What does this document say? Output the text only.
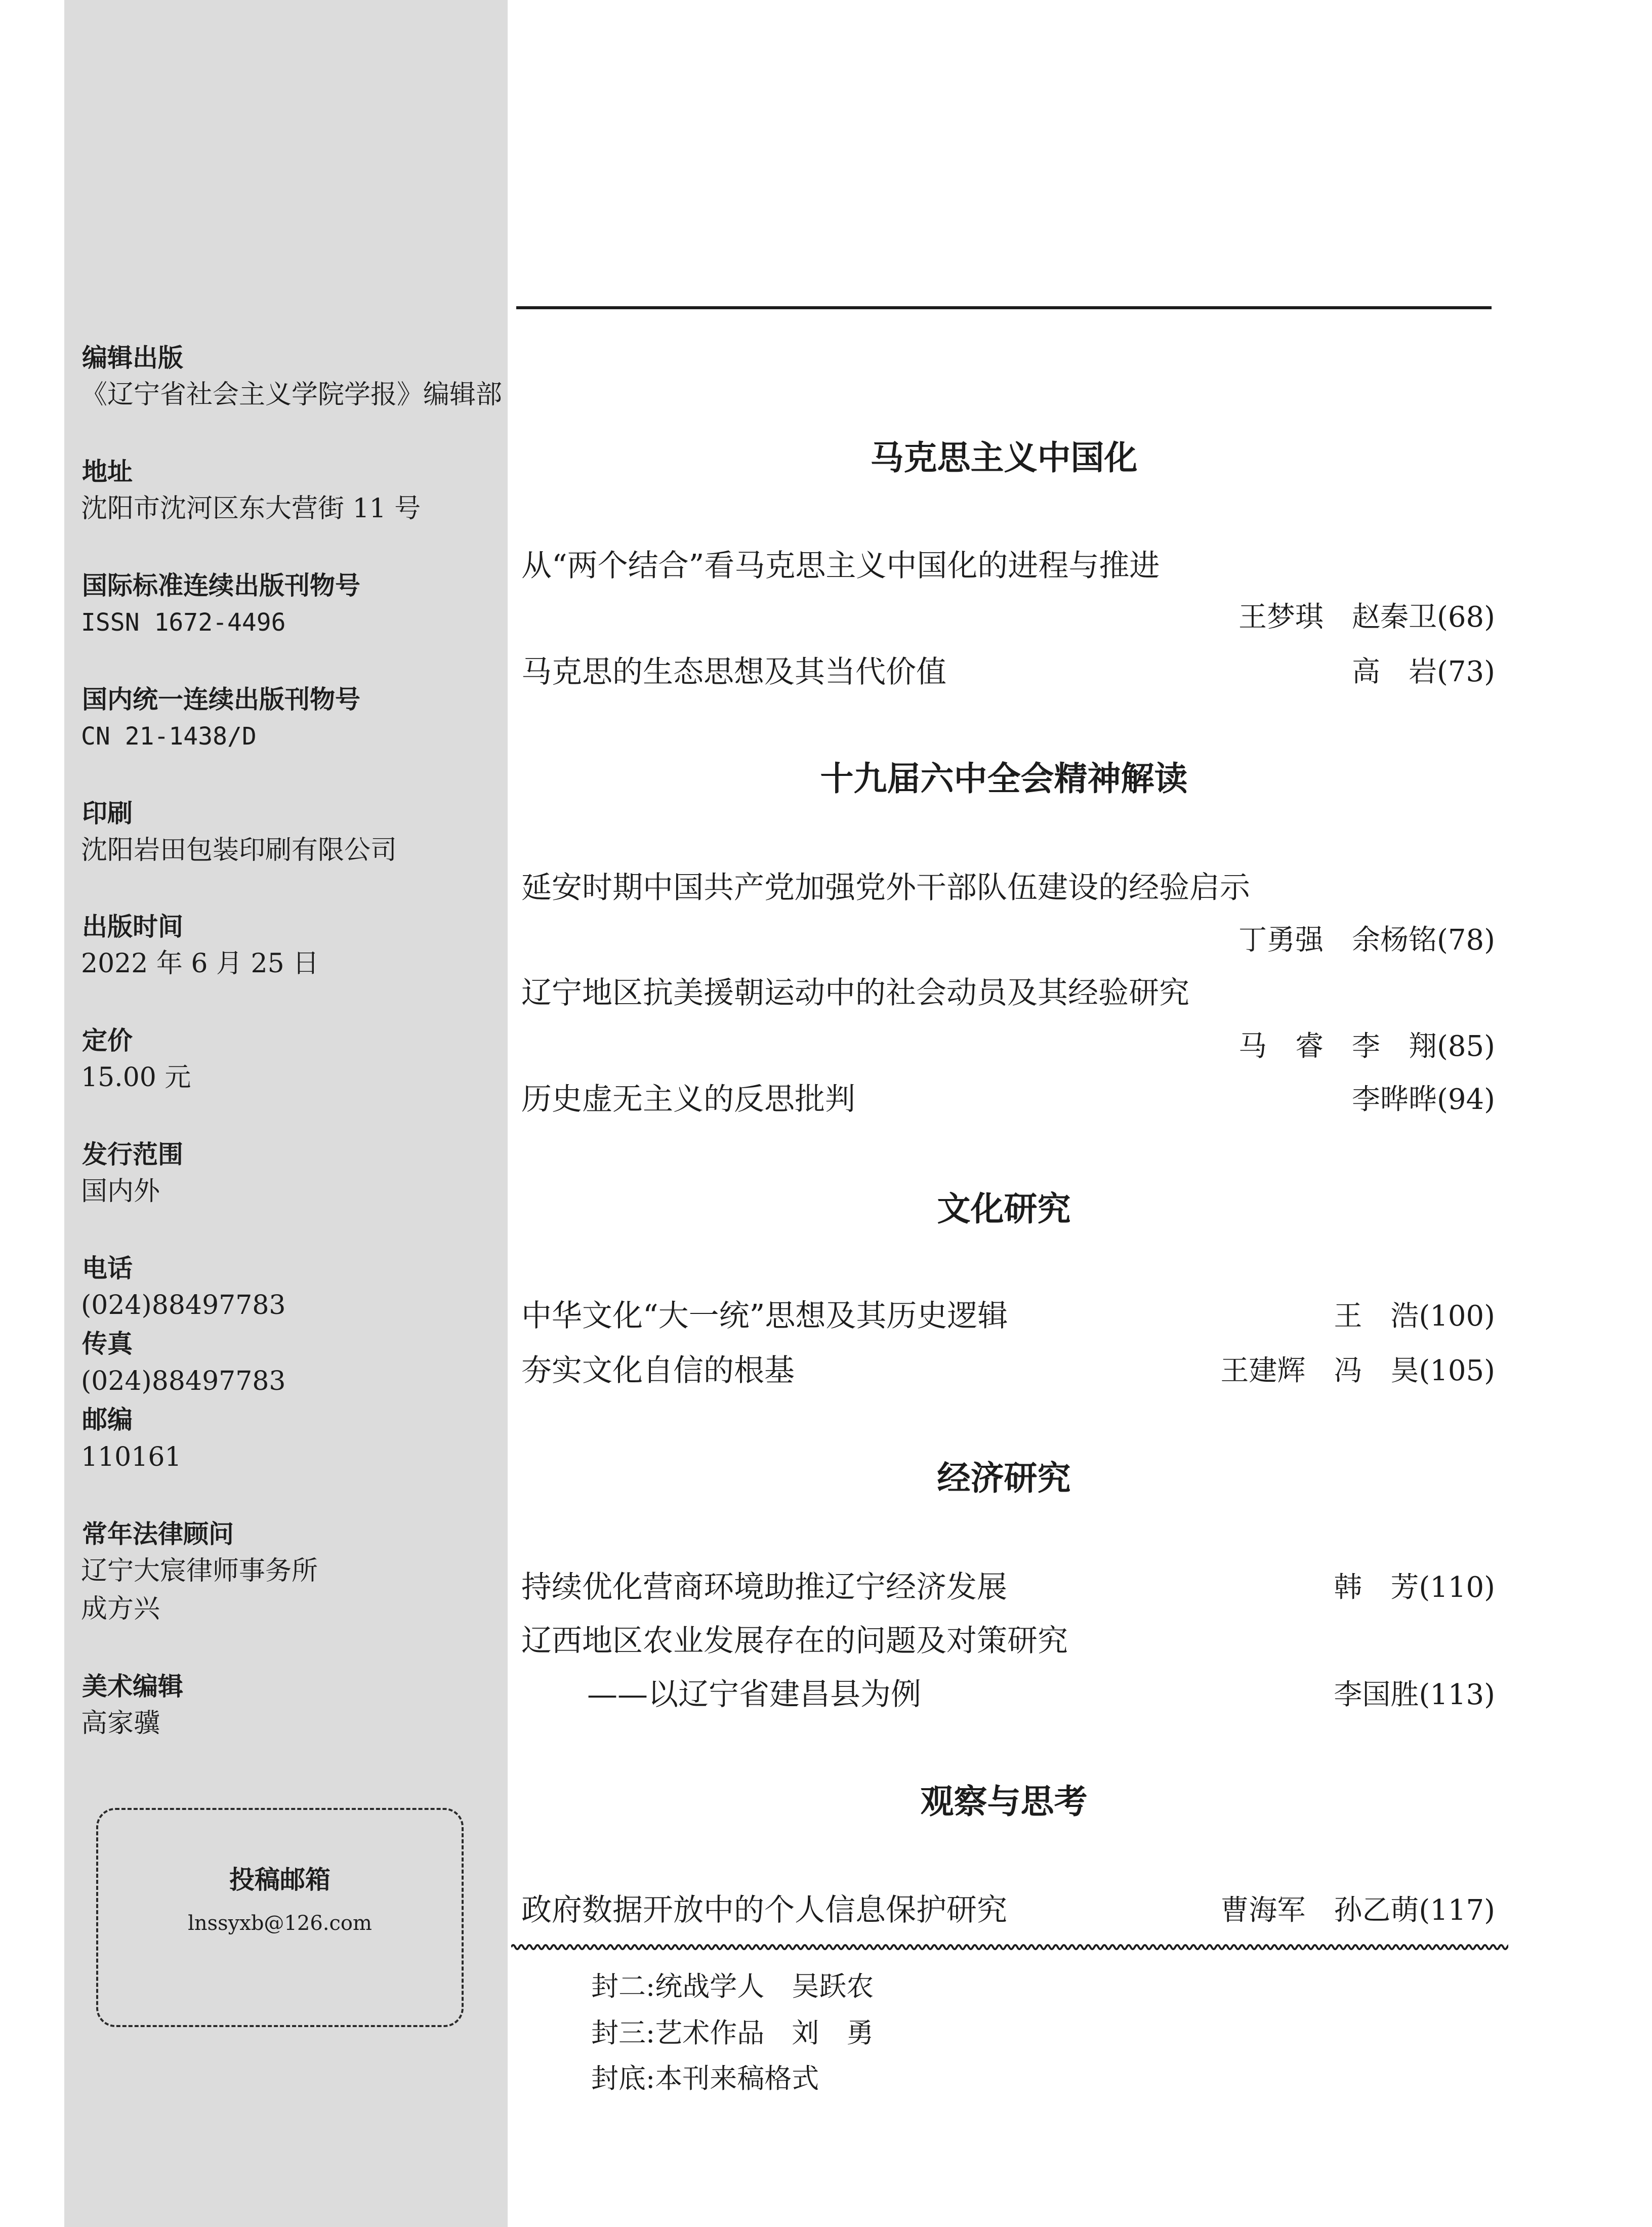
编辑出版
《辽宁省社会主义学院学报》编辑部
地址
沈阳市沈河区东大营街 11 号
国际标准连续出版刊物号
ISSN 1672-4496
国内统一连续出版刊物号
CN 21-1438/D
印刷
沈阳岩田包装印刷有限公司
出版时间
2022 年 6 月 25 日
定价
15.00 元
发行范围
国内外
电话
(024)88497783
传真
(024)88497783
邮编
110161
常年法律顾问
辽宁大宸律师事务所
成方兴
美术编辑
高家骥
投稿邮箱
lnssyxb@126.com
马克思主义中国化
从“两个结合”看马克思主义中国化的进程与推进
王梦琪　赵秦卫(68)
马克思的生态思想及其当代价值	高　岩(73)
十九届六中全会精神解读
延安时期中国共产党加强党外干部队伍建设的经验启示
丁勇强　余杨铭(78)
辽宁地区抗美援朝运动中的社会动员及其经验研究
马　睿　李　翔(85)
历史虚无主义的反思批判	李晔晔(94)
文化研究
中华文化“大一统”思想及其历史逻辑	王　浩(100)
夯实文化自信的根基	王建辉　冯　昊(105)
经济研究
持续优化营商环境助推辽宁经济发展	韩　芳(110)
辽西地区农业发展存在的问题及对策研究
——以辽宁省建昌县为例	李国胜(113)
观察与思考
政府数据开放中的个人信息保护研究	曹海军　孙乙萌(117)
封二:统战学人　吴跃农
封三:艺术作品　刘　勇
封底:本刊来稿格式
